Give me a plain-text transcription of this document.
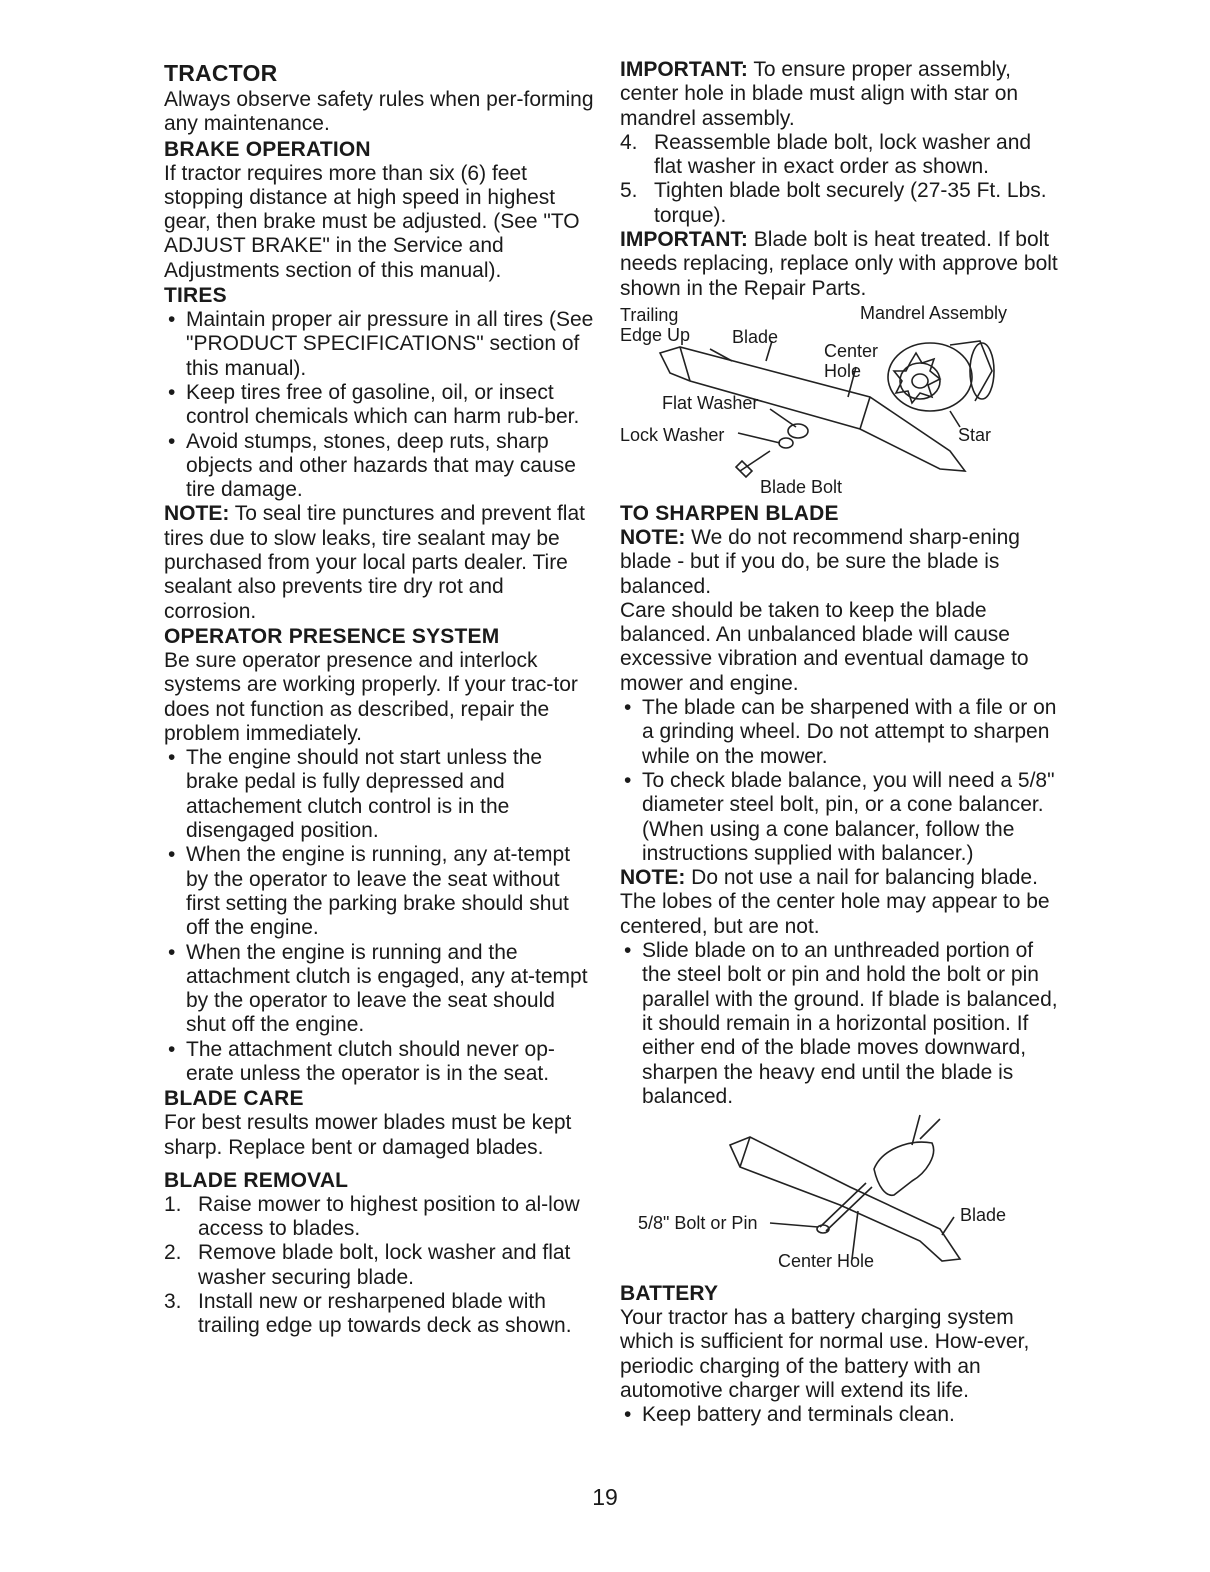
TRACTOR

Always observe safety rules when per-forming any maintenance.

BRAKE OPERATION

If tractor requires more than six (6) feet stopping distance at high speed in highest gear, then brake must be adjusted. (See "TO ADJUST BRAKE" in the Service and Adjustments section of this manual).

TIRES
• Maintain proper air pressure in all tires (See "PRODUCT SPECIFICATIONS" section of this manual).
• Keep tires free of gasoline, oil, or insect control chemicals which can harm rub-ber.
• Avoid stumps, stones, deep ruts, sharp objects and other hazards that may cause tire damage.

NOTE: To seal tire punctures and prevent flat tires due to slow leaks, tire sealant may be purchased from your local parts dealer. Tire sealant also prevents tire dry rot and corrosion.

OPERATOR PRESENCE SYSTEM

Be sure operator presence and interlock systems are working properly. If your trac-tor does not function as described, repair the problem immediately.

• The engine should not start unless the brake pedal is fully depressed and attachement clutch control is in the disengaged position.
• When the engine is running, any at-tempt by the operator to leave the seat without first setting the parking brake should shut off the engine.
• When the engine is running and the attachment clutch is engaged, any at-tempt by the operator to leave the seat should shut off the engine.
• The attachment clutch should never op-erate unless the operator is in the seat.
BLADE CARE

For best results mower blades must be kept sharp. Replace bent or damaged blades.

BLADE REMOVAL
1. Raise mower to highest position to al-low access to blades.
2. Remove blade bolt, lock washer and flat washer securing blade.
3. Install new or resharpened blade with trailing edge up towards deck as shown.

IMPORTANT: To ensure proper assembly, center hole in blade must align with star on mandrel assembly.

4. Reassemble blade bolt, lock washer and flat washer in exact order as shown.
5. Tighten blade bolt securely (27-35 Ft. Lbs. torque).

IMPORTANT: Blade bolt is heat treated. If bolt needs replacing, replace only with approve bolt shown in the Repair Parts.

Trailing
Edge Up Blade
Mandrel Assembly
Center
Hole
Flat Washer
Lock Washer	Star
Blade Bolt
TO SHARPEN BLADE

NOTE: We do not recommend sharp-ening blade - but if you do, be sure the blade is balanced.

Care should be taken to keep the blade balanced. An unbalanced blade will cause excessive vibration and eventual damage to mower and engine.

• The blade can be sharpened with a file or on a grinding wheel. Do not attempt to sharpen while on the mower.
• To check blade balance, you will need a 5/8" diameter steel bolt, pin, or a cone balancer. (When using a cone balancer, follow the instructions supplied with balancer.)

NOTE: Do not use a nail for balancing blade. The lobes of the center hole may appear to be centered, but are not.

• Slide blade on to an unthreaded portion of the steel bolt or pin and hold the bolt or pin parallel with the ground. If blade is balanced, it should remain in a horizontal position. If either end of the blade moves downward, sharpen the heavy end until the blade is balanced.
Blade
5/8" Bolt or Pin
Center Hole
BATTERY

Your tractor has a battery charging system which is sufficient for normal use. How-ever, periodic charging of the battery with an automotive charger will extend its life.

• Keep battery and terminals clean.
19
